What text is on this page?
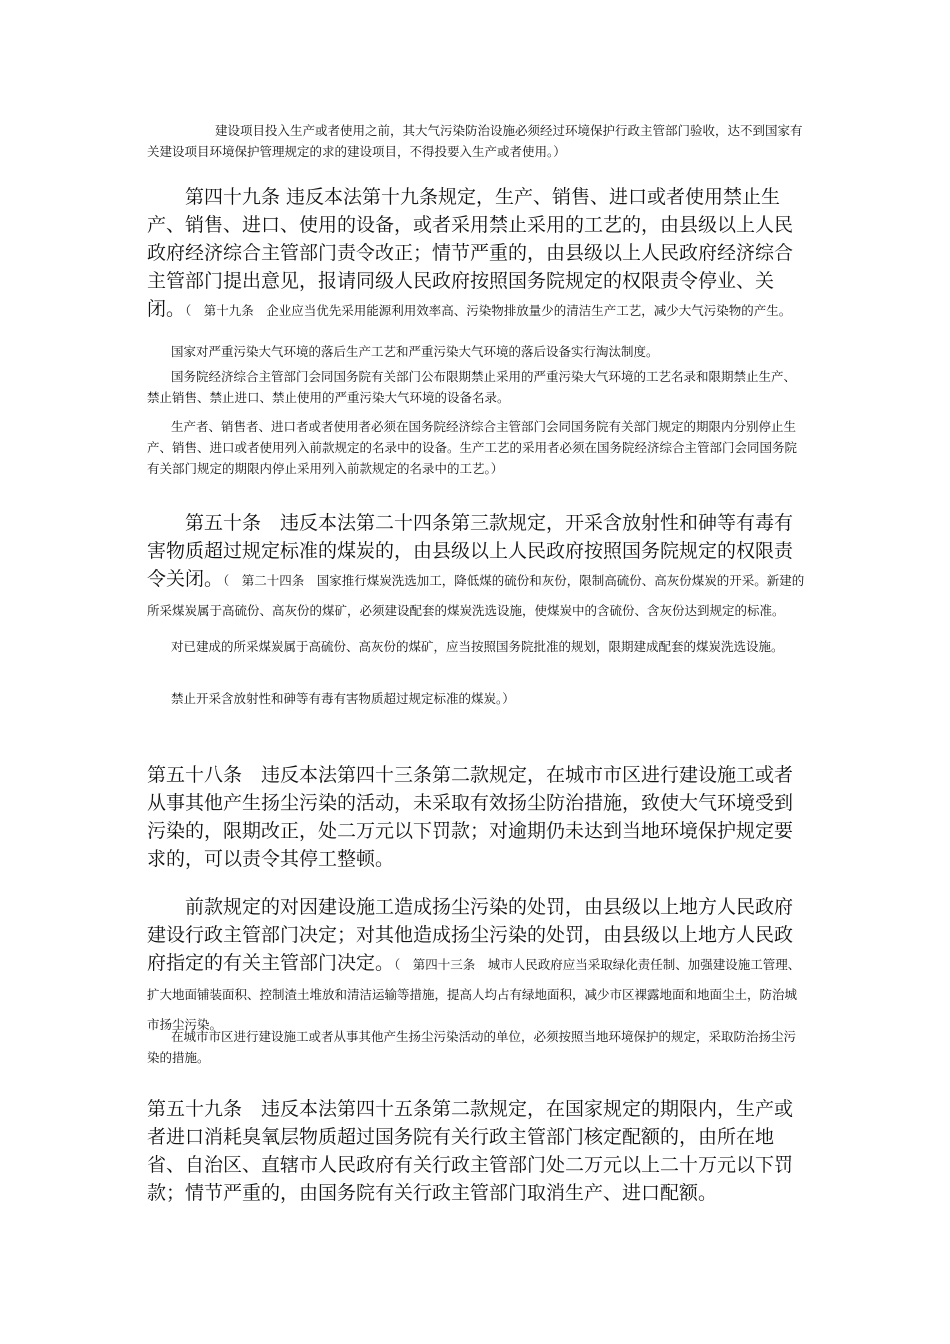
建设项目投入生产或者使用之前，其大气污染防治设施必须经过环境保护行政主管部门验收，达不到国家有关建设项目环境保护管理规定的求的建设项目，不得投要入生产或者使用。）

第四十九条 违反本法第十九条规定，生产、销售、进口或者使用禁止生产、销售、进口、使用的设备，或者采用禁止采用的工艺的，由县级以上人民政府经济综合主管部门责令改正；情节严重的，由县级以上人民政府经济综合主管部门提出意见，报请同级人民政府按照国务院规定的权限责令停业、关闭。（　第十九条　企业应当优先采用能源利用效率高、污染物排放量少的清洁生产工艺，减少大气污染物的产生。

国家对严重污染大气环境的落后生产工艺和严重污染大气环境的落后设备实行淘汰制度。

国务院经济综合主管部门会同国务院有关部门公布限期禁止采用的严重污染大气环境的工艺名录和限期禁止生产、禁止销售、禁止进口、禁止使用的严重污染大气环境的设备名录。

生产者、销售者、进口者或者使用者必须在国务院经济综合主管部门会同国务院有关部门规定的期限内分别停止生产、销售、进口或者使用列入前款规定的名录中的设备。生产工艺的采用者必须在国务院经济综合主管部门会同国务院有关部门规定的期限内停止采用列入前款规定的名录中的工艺。）

第五十条　违反本法第二十四条第三款规定，开采含放射性和砷等有毒有害物质超过规定标准的煤炭的，由县级以上人民政府按照国务院规定的权限责令关闭。（　第二十四条　国家推行煤炭洗选加工，降低煤的硫份和灰份，限制高硫份、高灰份煤炭的开采。新建的所采煤炭属于高硫份、高灰份的煤矿，必须建设配套的煤炭洗选设施，使煤炭中的含硫份、含灰份达到规定的标准。

对已建成的所采煤炭属于高硫份、高灰份的煤矿，应当按照国务院批准的规划，限期建成配套的煤炭洗选设施。

禁止开采含放射性和砷等有毒有害物质超过规定标准的煤炭。）

第五十八条　违反本法第四十三条第二款规定，在城市市区进行建设施工或者从事其他产生扬尘污染的活动，未采取有效扬尘防治措施，致使大气环境受到污染的，限期改正，处二万元以下罚款；对逾期仍未达到当地环境保护规定要求的，可以责令其停工整顿。

前款规定的对因建设施工造成扬尘污染的处罚，由县级以上地方人民政府建设行政主管部门决定；对其他造成扬尘污染的处罚，由县级以上地方人民政府指定的有关主管部门决定。（　第四十三条　城市人民政府应当采取绿化责任制、加强建设施工管理、扩大地面铺装面积、控制渣土堆放和清洁运输等措施，提高人均占有绿地面积，减少市区裸露地面和地面尘土，防治城市扬尘污染。

在城市市区进行建设施工或者从事其他产生扬尘污染活动的单位，必须按照当地环境保护的规定，采取防治扬尘污染的措施。

第五十九条　违反本法第四十五条第二款规定，在国家规定的期限内，生产或者进口消耗臭氧层物质超过国务院有关行政主管部门核定配额的，由所在地省、自治区、直辖市人民政府有关行政主管部门处二万元以上二十万元以下罚款；情节严重的，由国务院有关行政主管部门取消生产、进口配额。
